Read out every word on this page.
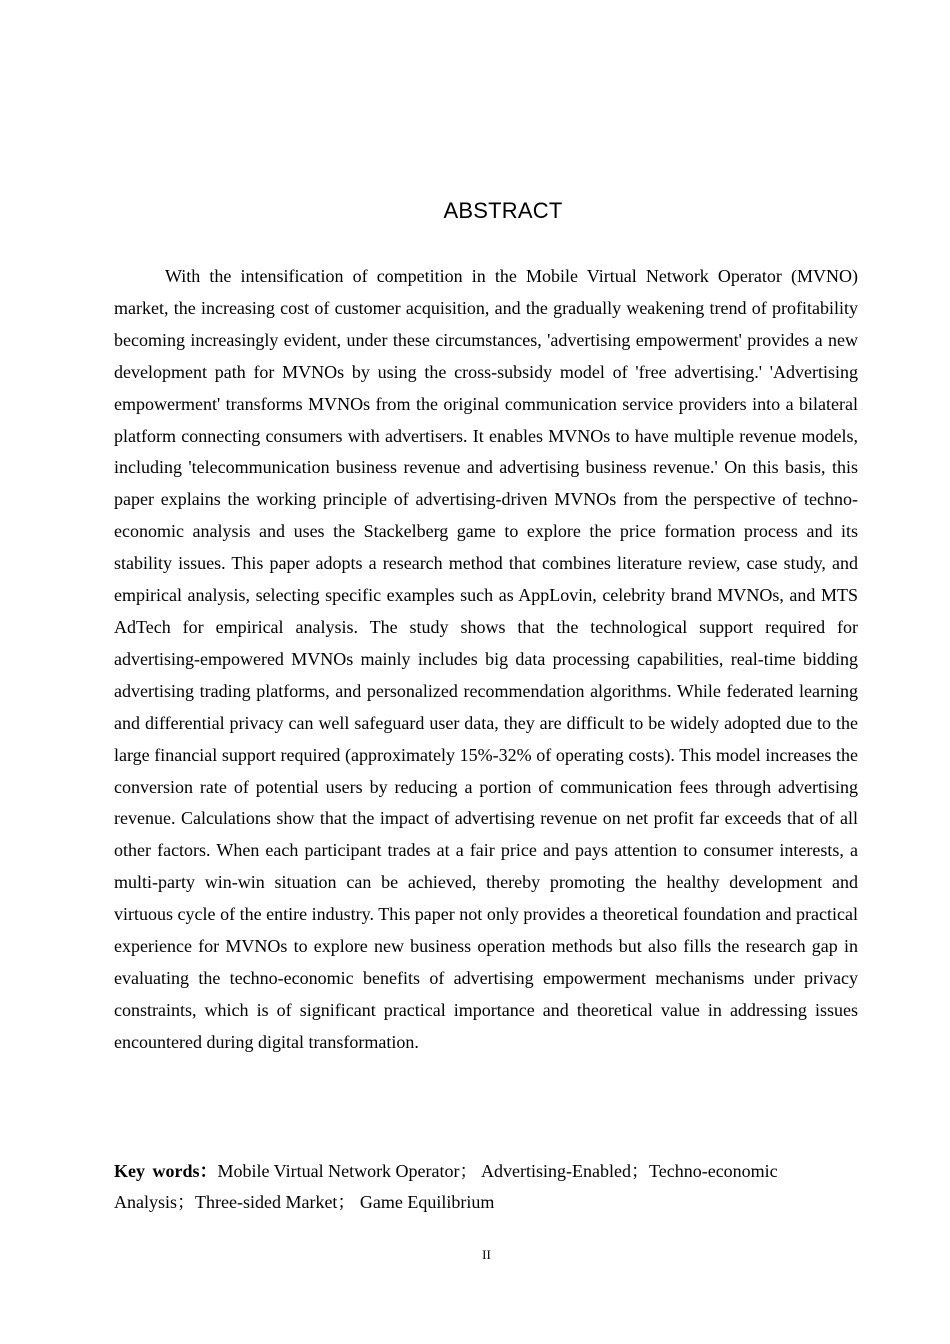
ABSTRACT

With the intensification of competition in the Mobile Virtual Network Operator (MVNO) market, the increasing cost of customer acquisition, and the gradually weakening trend of profitability becoming increasingly evident, under these circumstances, 'advertising empowerment' provides a new development path for MVNOs by using the cross-subsidy model of 'free advertising.' 'Advertising empowerment' transforms MVNOs from the original communication service providers into a bilateral platform connecting consumers with advertisers. It enables MVNOs to have multiple revenue models, including 'telecommunication business revenue and advertising business revenue.' On this basis, this paper explains the working principle of advertising-driven MVNOs from the perspective of techno-economic analysis and uses the Stackelberg game to explore the price formation process and its stability issues. This paper adopts a research method that combines literature review, case study, and empirical analysis, selecting specific examples such as AppLovin, celebrity brand MVNOs, and MTS AdTech for empirical analysis. The study shows that the technological support required for advertising-empowered MVNOs mainly includes big data processing capabilities, real-time bidding advertising trading platforms, and personalized recommendation algorithms. While federated learning and differential privacy can well safeguard user data, they are difficult to be widely adopted due to the large financial support required (approximately 15%-32% of operating costs). This model increases the conversion rate of potential users by reducing a portion of communication fees through advertising revenue. Calculations show that the impact of advertising revenue on net profit far exceeds that of all other factors. When each participant trades at a fair price and pays attention to consumer interests, a multi-party win-win situation can be achieved, thereby promoting the healthy development and virtuous cycle of the entire industry. This paper not only provides a theoretical foundation and practical experience for MVNOs to explore new business operation methods but also fills the research gap in evaluating the techno-economic benefits of advertising empowerment mechanisms under privacy constraints, which is of significant practical importance and theoretical value in addressing issues encountered during digital transformation.

Key words：Mobile Virtual Network Operator； Advertising-Enabled；Techno-economic Analysis；Three-sided Market； Game Equilibrium

II
